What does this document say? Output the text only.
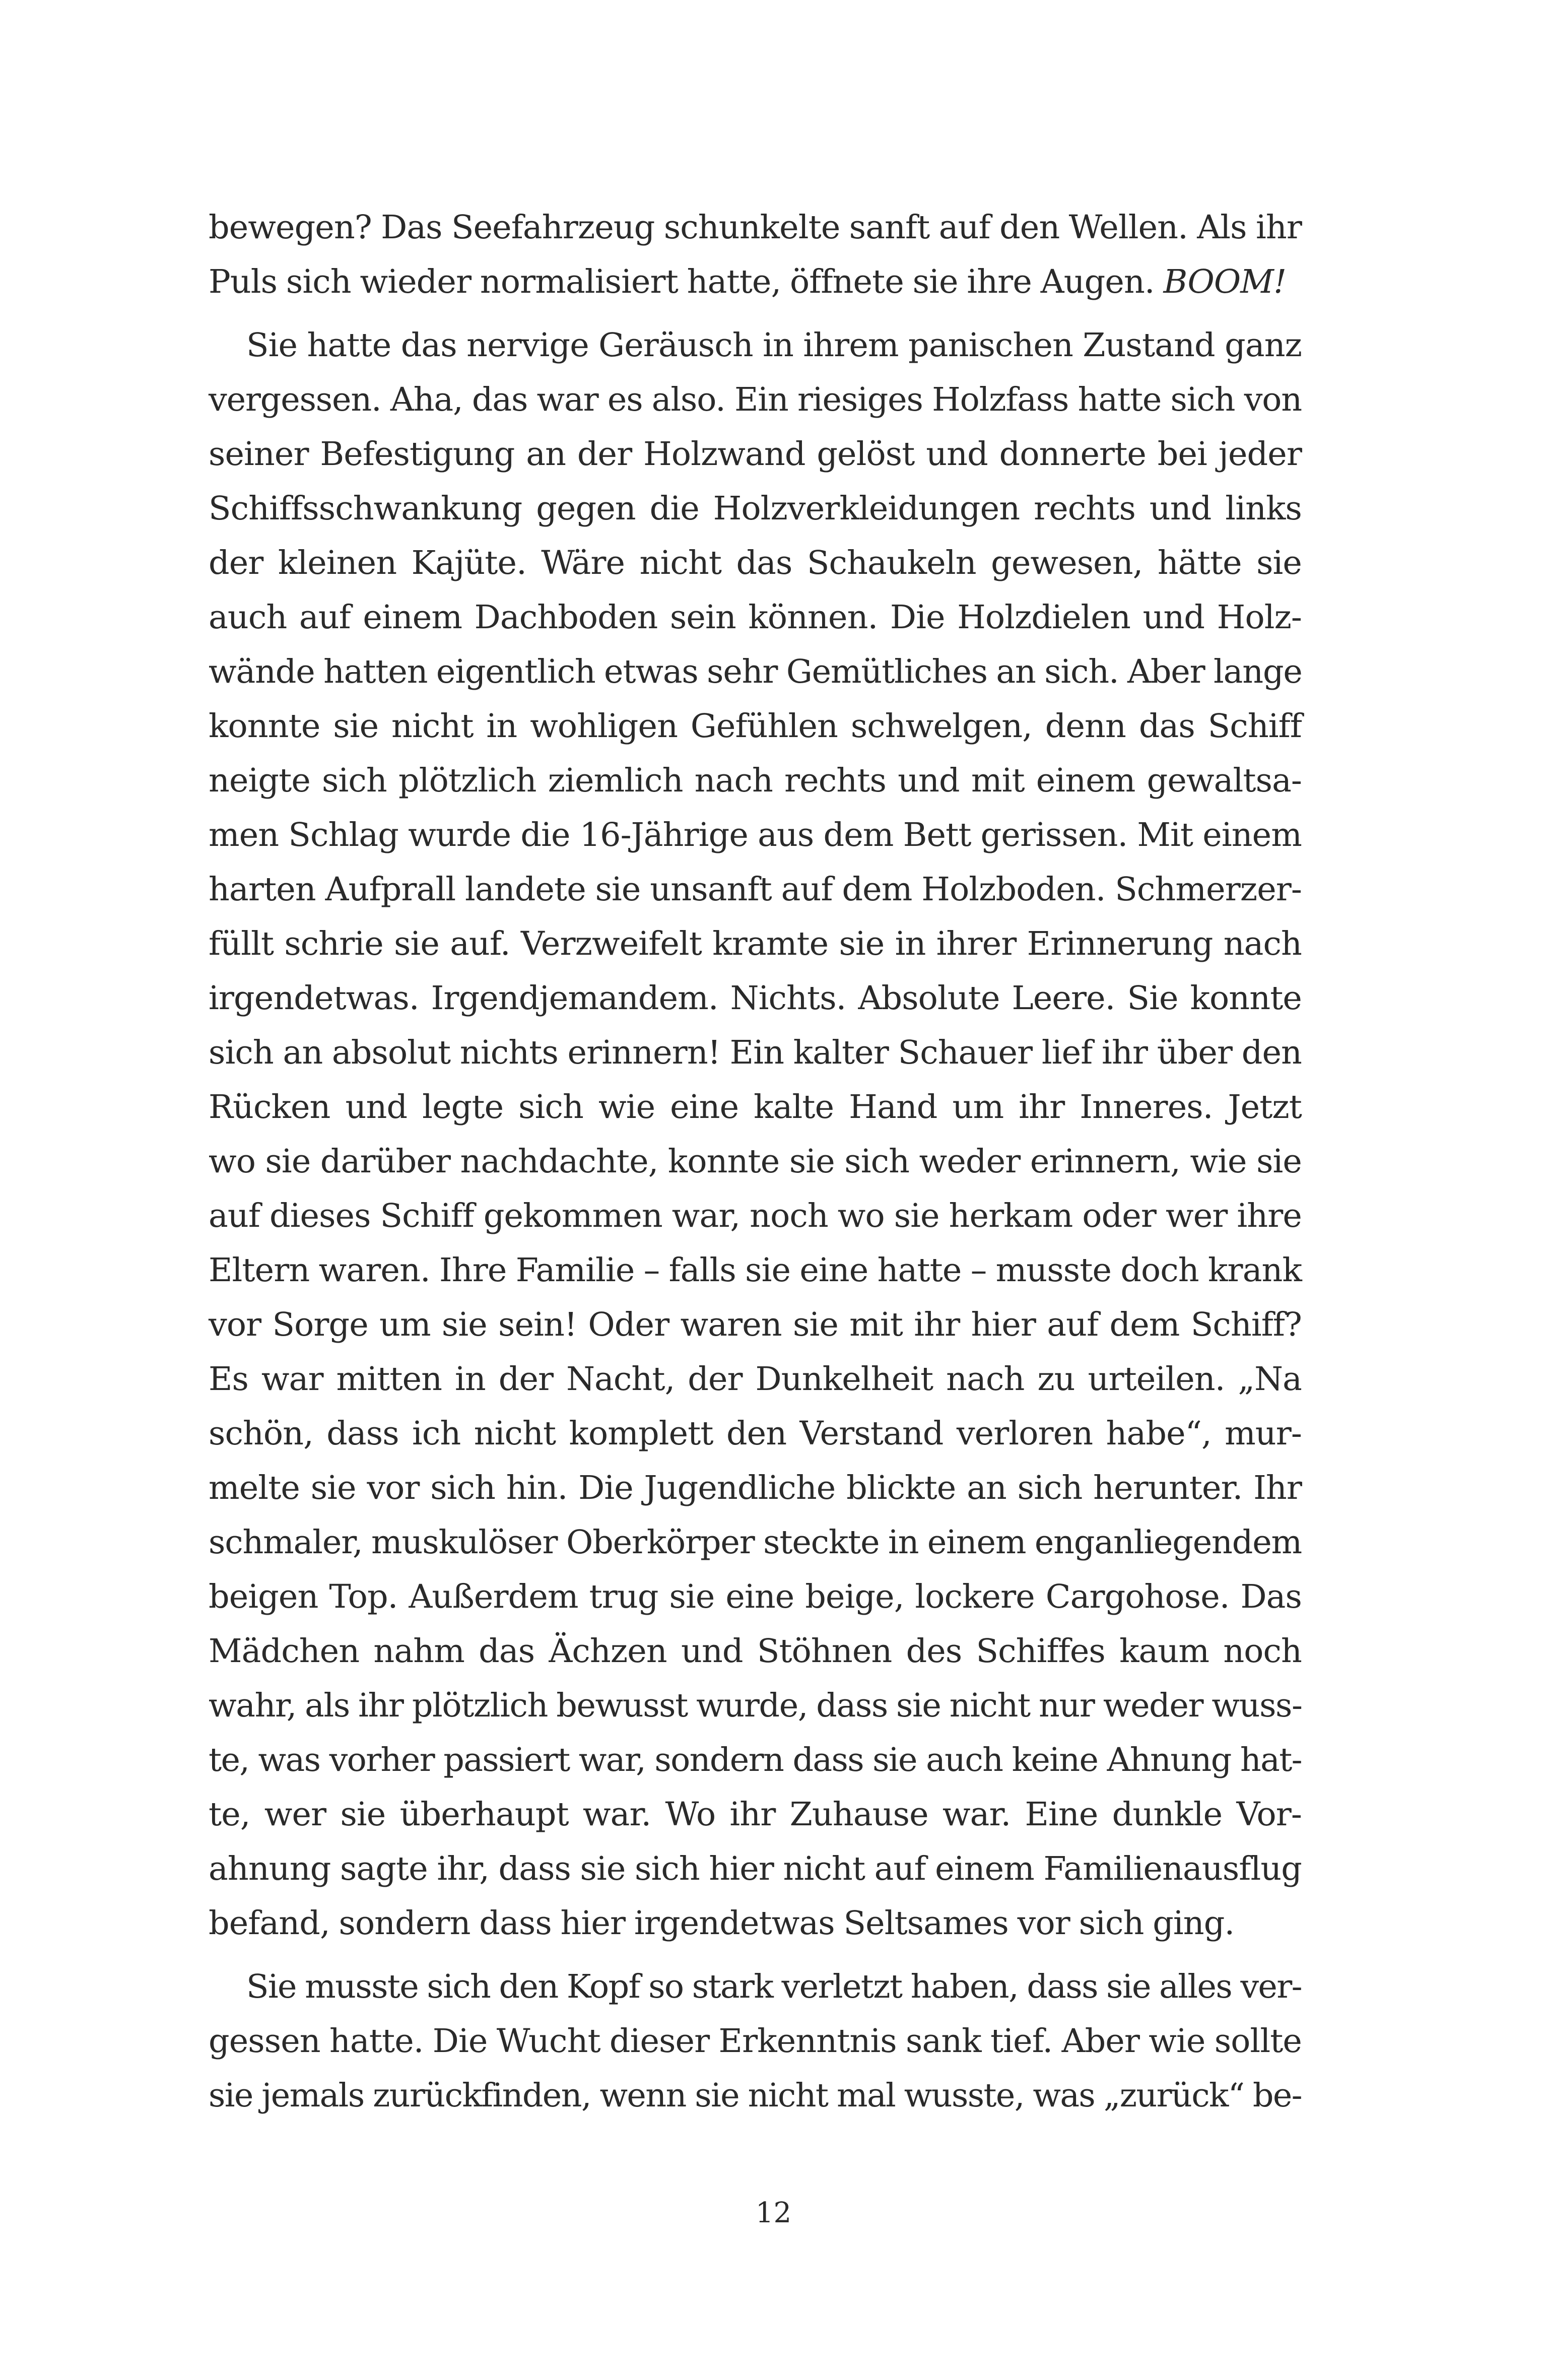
bewegen? Das Seefahrzeug schunkelte sanft auf den Wellen. Als ihr
Puls sich wieder normalisiert hatte, öffnete sie ihre Augen. BOOM!
Sie hatte das nervige Geräusch in ihrem panischen Zustand ganz
vergessen. Aha, das war es also. Ein riesiges Holzfass hatte sich von
seiner Befestigung an der Holzwand gelöst und donnerte bei jeder
Schiffsschwankung gegen die Holzverkleidungen rechts und links
der kleinen Kajüte. Wäre nicht das Schaukeln gewesen, hätte sie
auch auf einem Dachboden sein können. Die Holzdielen und Holz-
wände hatten eigentlich etwas sehr Gemütliches an sich. Aber lange
konnte sie nicht in wohligen Gefühlen schwelgen, denn das Schiff
neigte sich plötzlich ziemlich nach rechts und mit einem gewaltsa-
men Schlag wurde die 16-Jährige aus dem Bett gerissen. Mit einem
harten Aufprall landete sie unsanft auf dem Holzboden. Schmerzer-
füllt schrie sie auf. Verzweifelt kramte sie in ihrer Erinnerung nach
irgendetwas. Irgendjemandem. Nichts. Absolute Leere. Sie konnte
sich an absolut nichts erinnern! Ein kalter Schauer lief ihr über den
Rücken und legte sich wie eine kalte Hand um ihr Inneres. Jetzt
wo sie darüber nachdachte, konnte sie sich weder erinnern, wie sie
auf dieses Schiff gekommen war, noch wo sie herkam oder wer ihre
Eltern waren. Ihre Familie – falls sie eine hatte – musste doch krank
vor Sorge um sie sein! Oder waren sie mit ihr hier auf dem Schiff?
Es war mitten in der Nacht, der Dunkelheit nach zu urteilen. „Na
schön, dass ich nicht komplett den Verstand verloren habe“, mur-
melte sie vor sich hin. Die Jugendliche blickte an sich herunter. Ihr
schmaler, muskulöser Oberkörper steckte in einem enganliegendem
beigen Top. Außerdem trug sie eine beige, lockere Cargohose. Das
Mädchen nahm das Ächzen und Stöhnen des Schiffes kaum noch
wahr, als ihr plötzlich bewusst wurde, dass sie nicht nur weder wuss-
te, was vorher passiert war, sondern dass sie auch keine Ahnung hat-
te, wer sie überhaupt war. Wo ihr Zuhause war. Eine dunkle Vor-
ahnung sagte ihr, dass sie sich hier nicht auf einem Familienausflug
befand, sondern dass hier irgendetwas Seltsames vor sich ging.
Sie musste sich den Kopf so stark verletzt haben, dass sie alles ver-
gessen hatte. Die Wucht dieser Erkenntnis sank tief. Aber wie sollte
sie jemals zurückfinden, wenn sie nicht mal wusste, was „zurück“ be-
12
